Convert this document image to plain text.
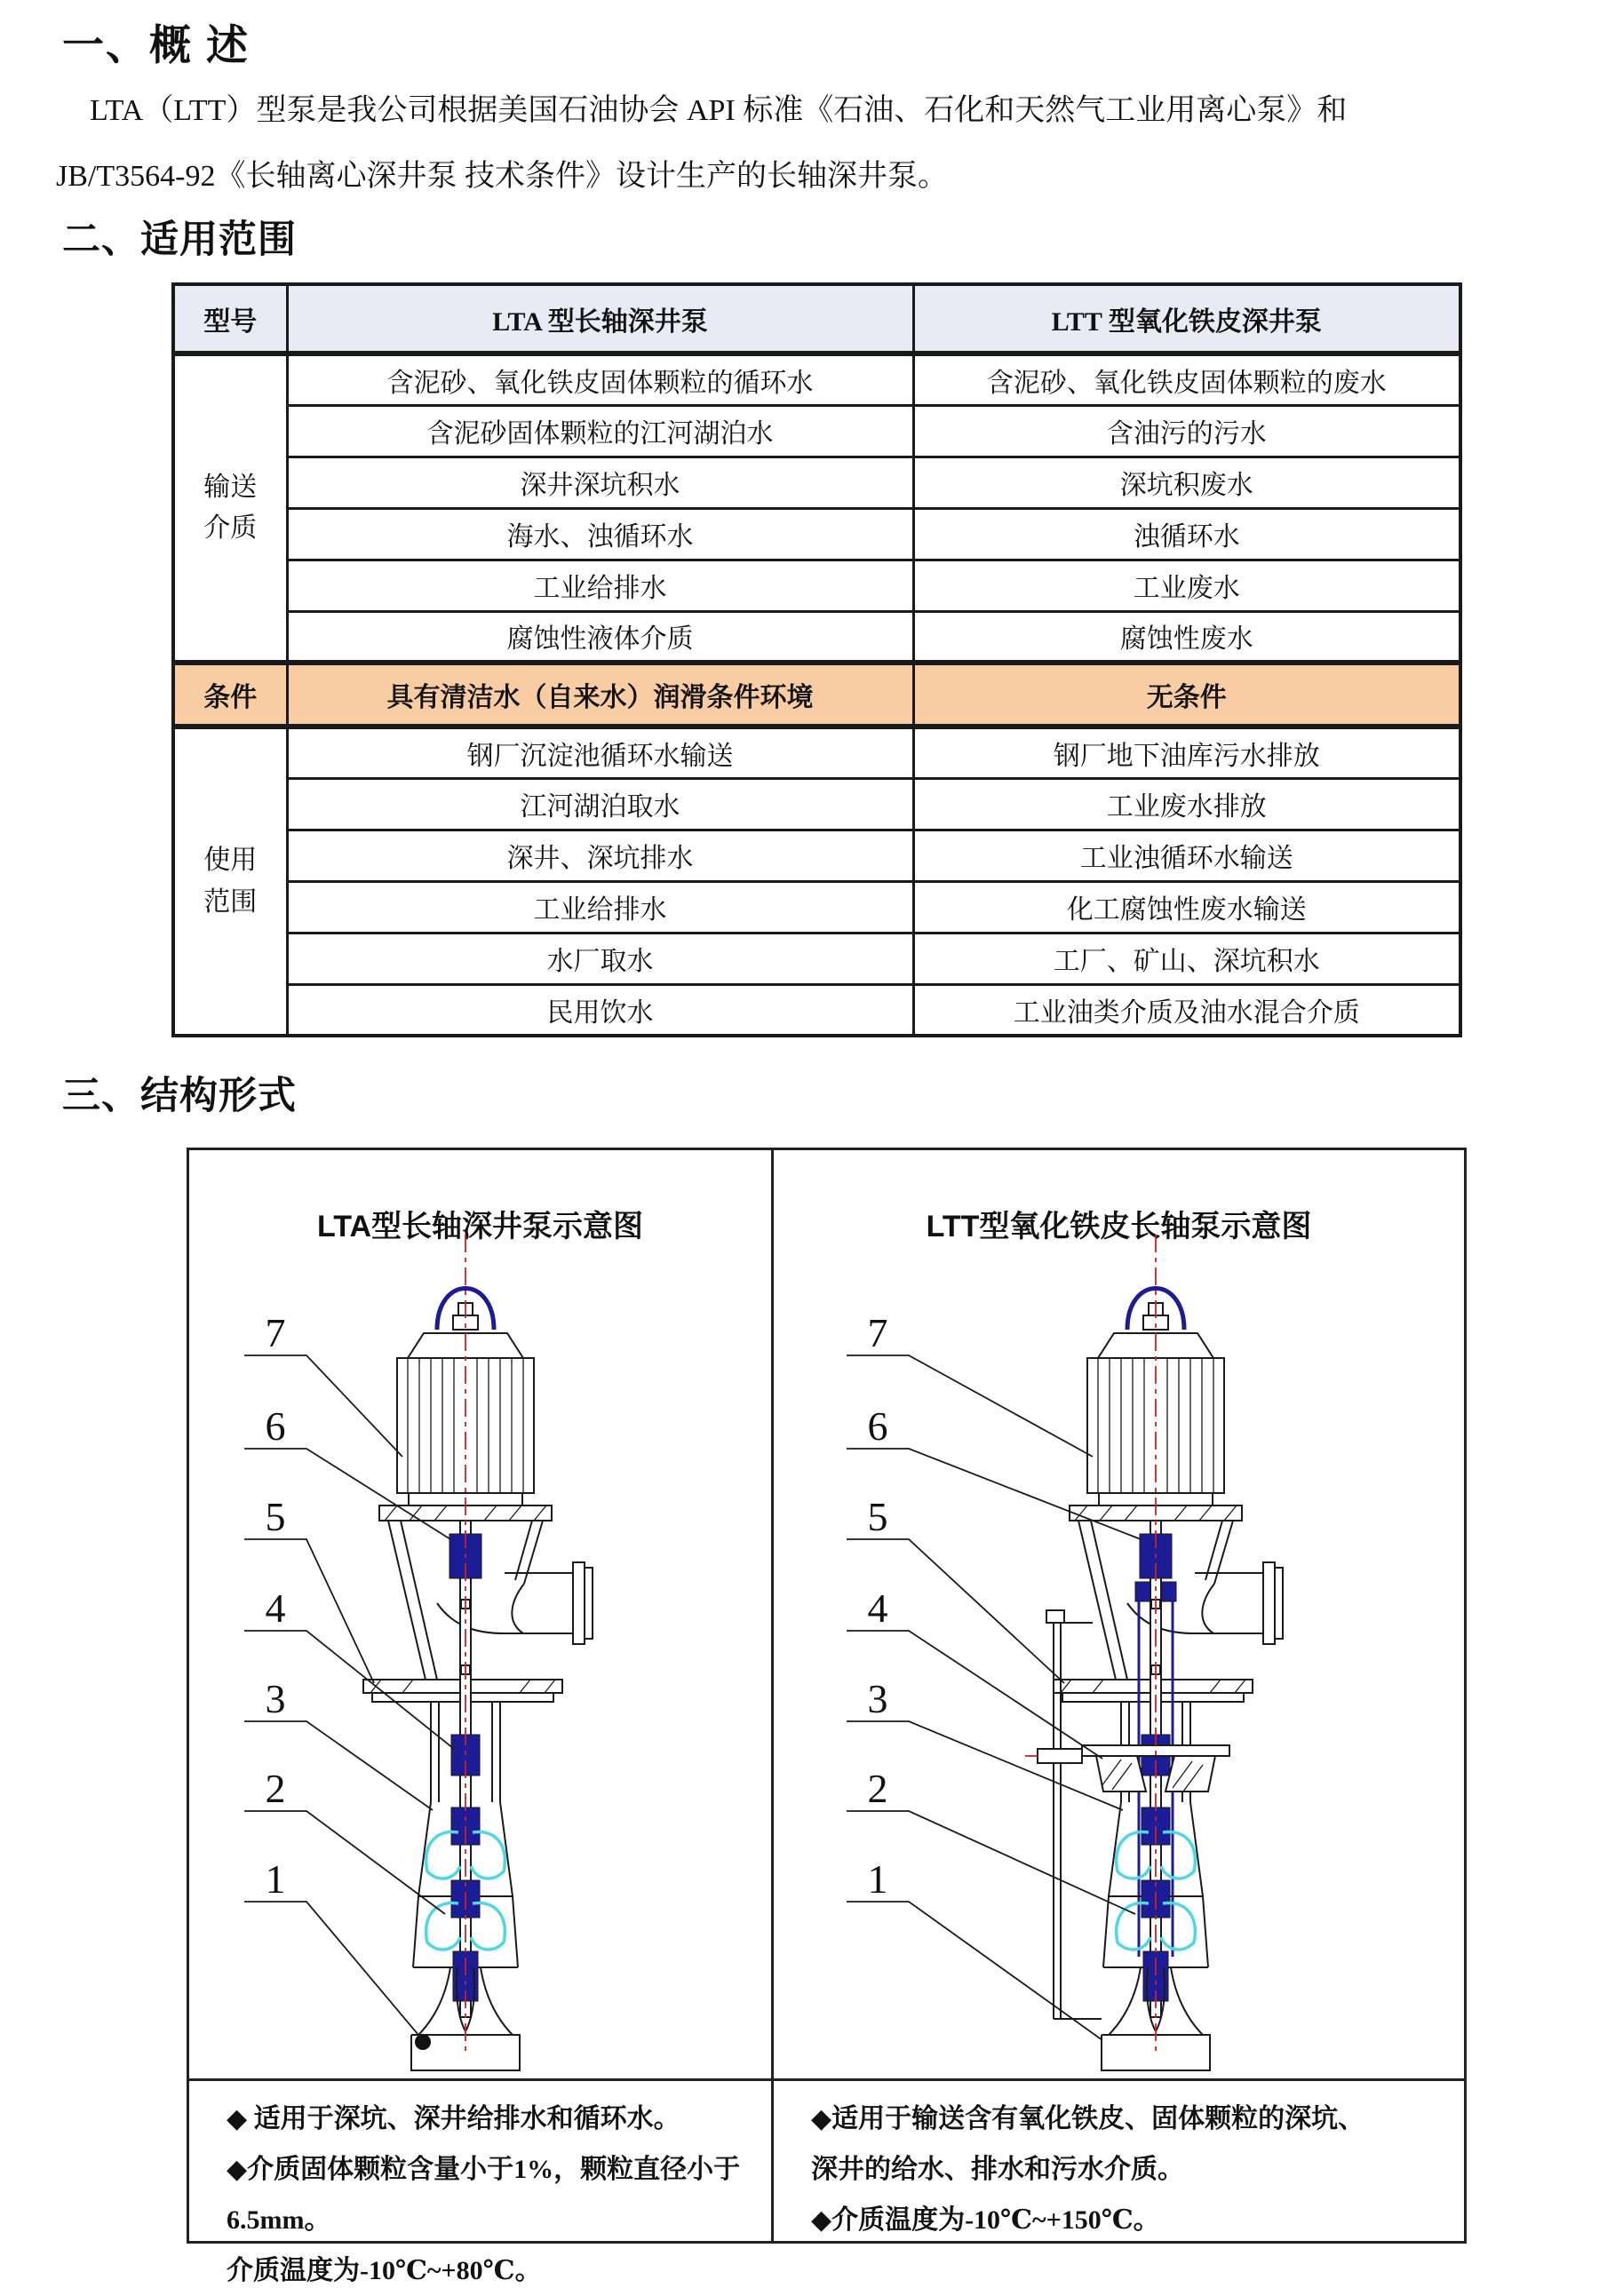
一、概 述
LTA（LTT）型泵是我公司根据美国石油协会 API 标准《石油、石化和天然气工业用离心泵》和
JB/T3564-92《长轴离心深井泵 技术条件》设计生产的长轴深井泵。
二、适用范围
型号	LTA 型长轴深井泵	LTT 型氧化铁皮深井泵
输送介质	含泥砂、氧化铁皮固体颗粒的循环水	含泥砂、氧化铁皮固体颗粒的废水
	含泥砂固体颗粒的江河湖泊水	含油污的污水
	深井深坑积水	深坑积废水
	海水、浊循环水	浊循环水
	工业给排水	工业废水
	腐蚀性液体介质	腐蚀性废水
条件	具有清洁水（自来水）润滑条件环境	无条件
使用范围	钢厂沉淀池循环水输送	钢厂地下油库污水排放
	江河湖泊取水	工业废水排放
	深井、深坑排水	工业浊循环水输送
	工业给排水	化工腐蚀性废水输送
	水厂取水	工厂、矿山、深坑积水
	民用饮水	工业油类介质及油水混合介质
三、结构形式
LTA型长轴深井泵示意图	LTT型氧化铁皮长轴泵示意图
7
6
5
4
3
2
1
7
6
5
4
3
2
1
◆ 适用于深坑、深井给排水和循环水。
◆介质固体颗粒含量小于1%，颗粒直径小于6.5mm。
介质温度为-10℃~+80℃。
◆适用于输送含有氧化铁皮、固体颗粒的深坑、
深井的给水、排水和污水介质。
◆介质温度为-10℃~+150℃。
